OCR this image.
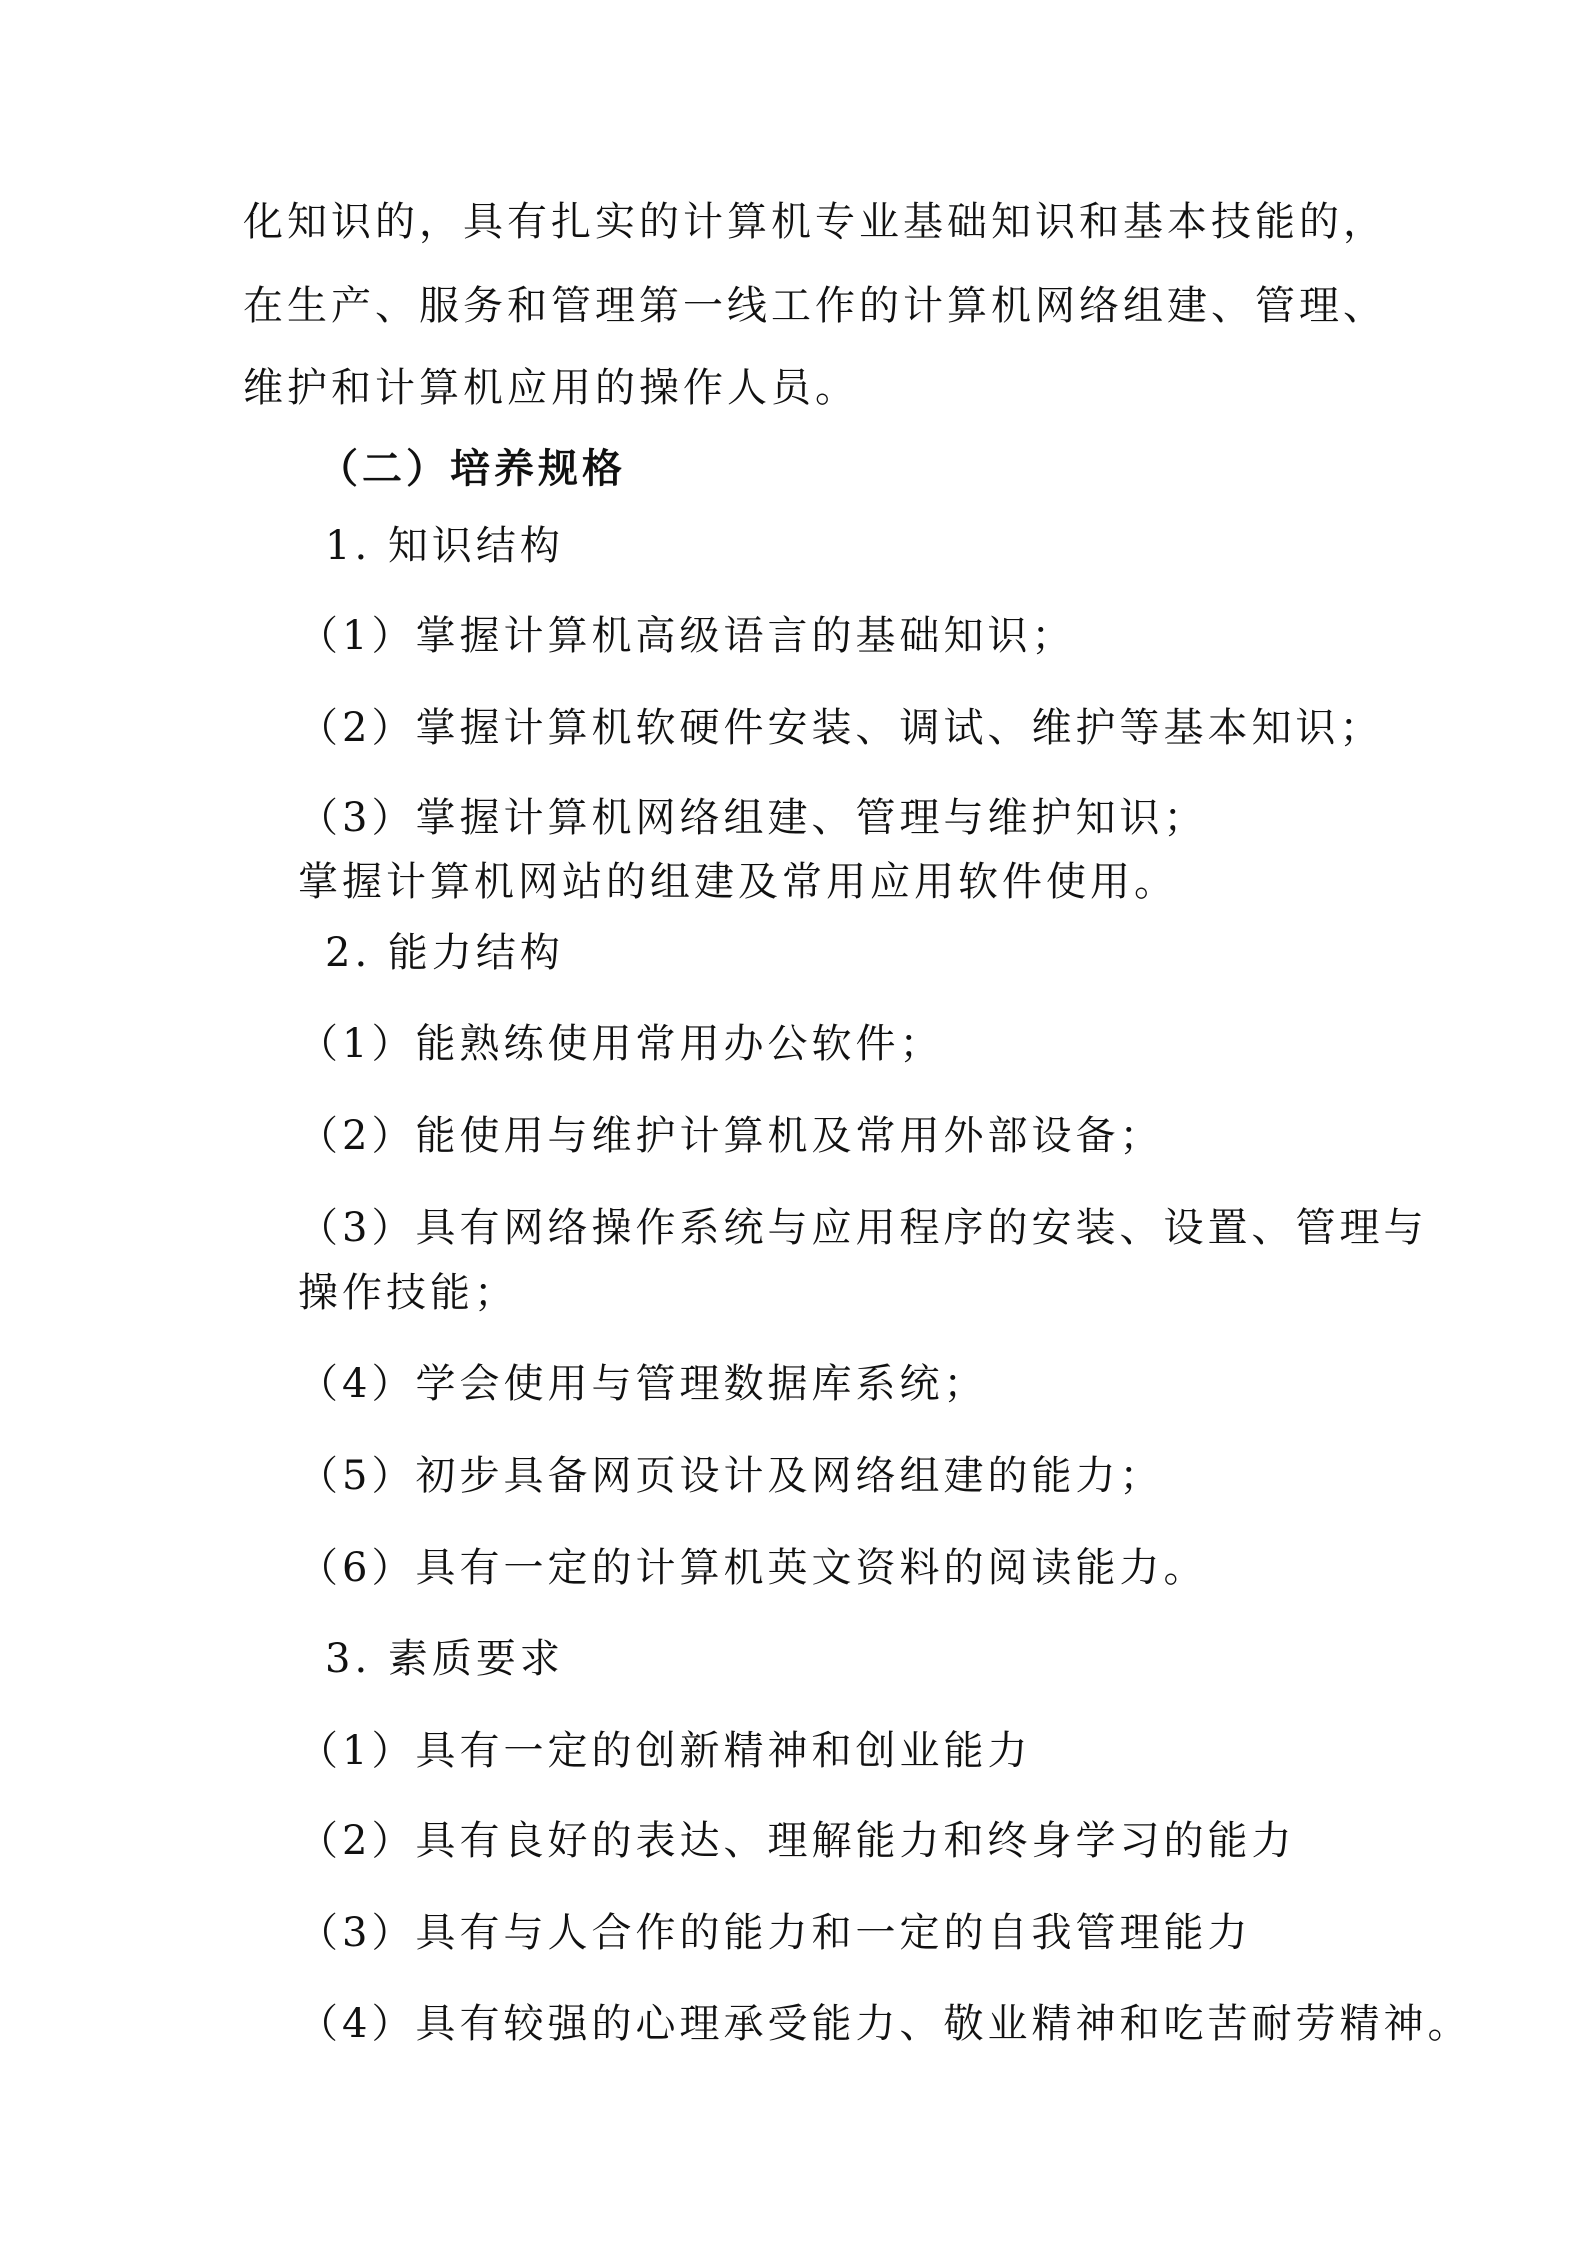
化知识的，具有扎实的计算机专业基础知识和基本技能的，

在生产、服务和管理第一线工作的计算机网络组建、管理、

维护和计算机应用的操作人员。

（二）培养规格

1. 知识结构

（1）掌握计算机高级语言的基础知识；

（2）掌握计算机软硬件安装、调试、维护等基本知识；

（3）掌握计算机网络组建、管理与维护知识；

掌握计算机网站的组建及常用应用软件使用。

2. 能力结构

（1）能熟练使用常用办公软件；

（2）能使用与维护计算机及常用外部设备；

（3）具有网络操作系统与应用程序的安装、设置、管理与

操作技能；

（4）学会使用与管理数据库系统；

（5）初步具备网页设计及网络组建的能力；

（6）具有一定的计算机英文资料的阅读能力。

3. 素质要求

（1）具有一定的创新精神和创业能力

（2）具有良好的表达、理解能力和终身学习的能力

（3）具有与人合作的能力和一定的自我管理能力

（4）具有较强的心理承受能力、敬业精神和吃苦耐劳精神。
